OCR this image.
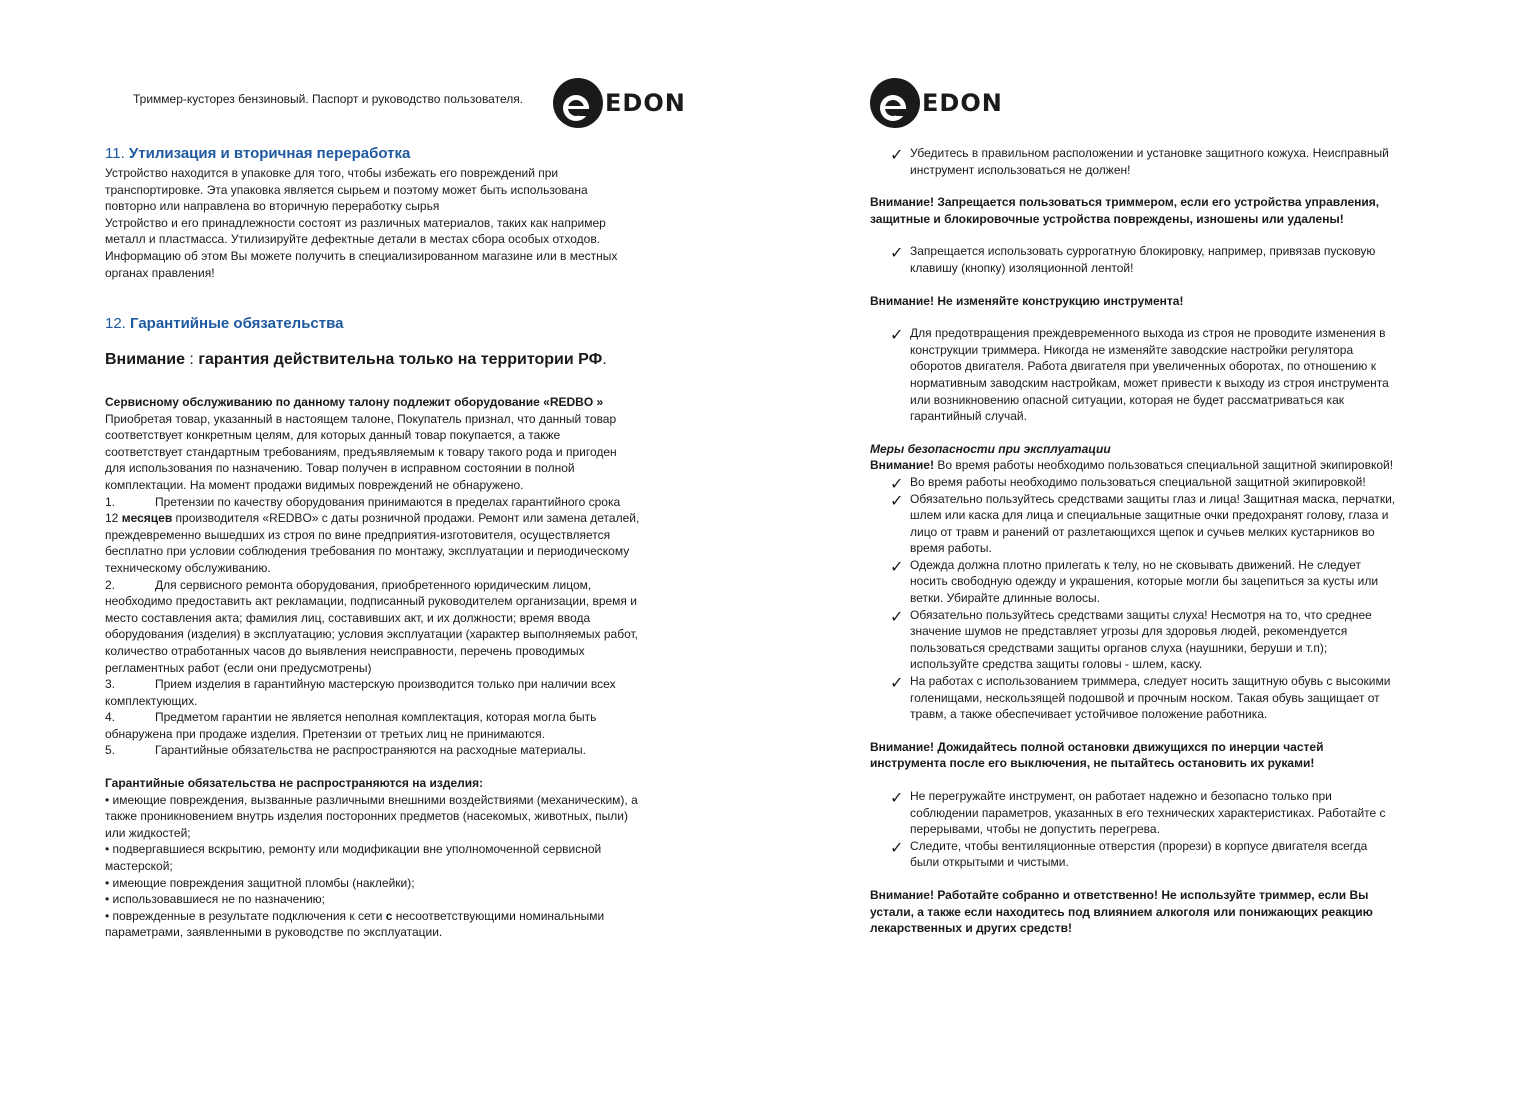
Триммер-кусторез бензиновый. Паспорт и руководство пользователя.	EDON
11. Утилизация и вторичная переработка

Устройство находится в упаковке для того, чтобы избежать его повреждений при

транспортировке. Эта упаковка является сырьем и поэтому может быть использована

повторно или направлена во вторичную переработку сырья

Устройство и его принадлежности состоят из различных материалов, таких как например

металл и пластмасса. Утилизируйте дефектные детали в местах сбора особых отходов.

Информацию об этом Вы можете получить в специализированном магазине или в местных

органах правления!

12. Гарантийные обязательства
Внимание : гарантия действительна только на территории РФ.

Сервисному обслуживанию по данному талону подлежит оборудование «REDBO »

Приобретая товар, указанный в настоящем талоне, Покупатель признал, что данный товар

соответствует конкретным целям, для которых данный товар покупается, а также

соответствует стандартным требованиям, предъявляемым к товару такого рода и пригоден

для использования по назначению. Товар получен в исправном состоянии в полной

комплектации. На момент продажи видимых повреждений не обнаружено.

1.	Претензии по качеству оборудования принимаются в пределах гарантийного срока

12 месяцев производителя «REDBO» с даты розничной продажи. Ремонт или замена деталей,

преждевременно вышедших из строя по вине предприятия-изготовителя, осуществляется

бесплатно при условии соблюдения требования по монтажу, эксплуатации и периодическому

техническому обслуживанию.

2.	Для сервисного ремонта оборудования, приобретенного юридическим лицом,

необходимо предоставить акт рекламации, подписанный руководителем организации, время и

место составления акта; фамилия лиц, составивших акт, и их должности; время ввода

оборудования (изделия) в эксплуатацию; условия эксплуатации (характер выполняемых работ,

количество отработанных часов до выявления неисправности, перечень проводимых

регламентных работ (если они предусмотрены)

3.	Прием изделия в гарантийную мастерскую производится только при наличии всех

комплектующих.

4.	Предметом гарантии не является неполная комплектация, которая могла быть

обнаружена при продаже изделия. Претензии от третьих лиц не принимаются.

5.	Гарантийные обязательства не распространяются на расходные материалы.

Гарантийные обязательства не распространяются на изделия:

• имеющие повреждения, вызванные различными внешними воздействиями (механическим), а

также проникновением внутрь изделия посторонних предметов (насекомых, животных, пыли)

или жидкостей;

• подвергавшиеся вскрытию, ремонту или модификации вне уполномоченной сервисной

мастерской;

• имеющие повреждения защитной пломбы (наклейки);

• использовавшиеся не по назначению;

• поврежденные в результате подключения к сети с несоответствующими номинальными

параметрами, заявленными в руководстве по эксплуатации.

EDON
✓ Убедитесь в правильном расположении и установке защитного кожуха. Неисправный

инструмент использоваться не должен!

Внимание! Запрещается пользоваться триммером, если его устройства управления,

защитные и блокировочные устройства повреждены, изношены или удалены!

✓ Запрещается использовать суррогатную блокировку, например, привязав пусковую

клавишу (кнопку) изоляционной лентой!

Внимание! Не изменяйте конструкцию инструмента!

✓ Для предотвращения преждевременного выхода из строя не проводите изменения в

конструкции триммера. Никогда не изменяйте заводские настройки регулятора

оборотов двигателя. Работа двигателя при увеличенных оборотах, по отношению к

нормативным заводским настройкам, может привести к выходу из строя инструмента

или возникновению опасной ситуации, которая не будет рассматриваться как

гарантийный случай.

Меры безопасности при эксплуатации

Внимание! Во время работы необходимо пользоваться специальной защитной экипировкой!

✓ Во время работы необходимо пользоваться специальной защитной экипировкой!

✓ Обязательно пользуйтесь средствами защиты глаз и лица! Защитная маска, перчатки,

шлем или каска для лица и специальные защитные очки предохранят голову, глаза и

лицо от травм и ранений от разлетающихся щепок и сучьев мелких кустарников во

время работы.

✓ Одежда должна плотно прилегать к телу, но не сковывать движений. Не следует

носить свободную одежду и украшения, которые могли бы зацепиться за кусты или

ветки. Убирайте длинные волосы.

✓ Обязательно пользуйтесь средствами защиты слуха! Несмотря на то, что среднее

значение шумов не представляет угрозы для здоровья людей, рекомендуется

пользоваться средствами защиты органов слуха (наушники, беруши и т.п);

используйте средства защиты головы - шлем, каску.

✓ На работах с использованием триммера, следует носить защитную обувь с высокими

голенищами, нескользящей подошвой и прочным носком. Такая обувь защищает от

травм, а также обеспечивает устойчивое положение работника.

Внимание! Дожидайтесь полной остановки движущихся по инерции частей

инструмента после его выключения, не пытайтесь остановить их руками!

✓ Не перегружайте инструмент, он работает надежно и безопасно только при

соблюдении параметров, указанных в его технических характеристиках. Работайте с

перерывами, чтобы не допустить перегрева.

✓ Следите, чтобы вентиляционные отверстия (прорези) в корпусе двигателя всегда

были открытыми и чистыми.

Внимание! Работайте собранно и ответственно! Не используйте триммер, если Вы

устали, а также если находитесь под влиянием алкоголя или понижающих реакцию

лекарственных и других средств!
